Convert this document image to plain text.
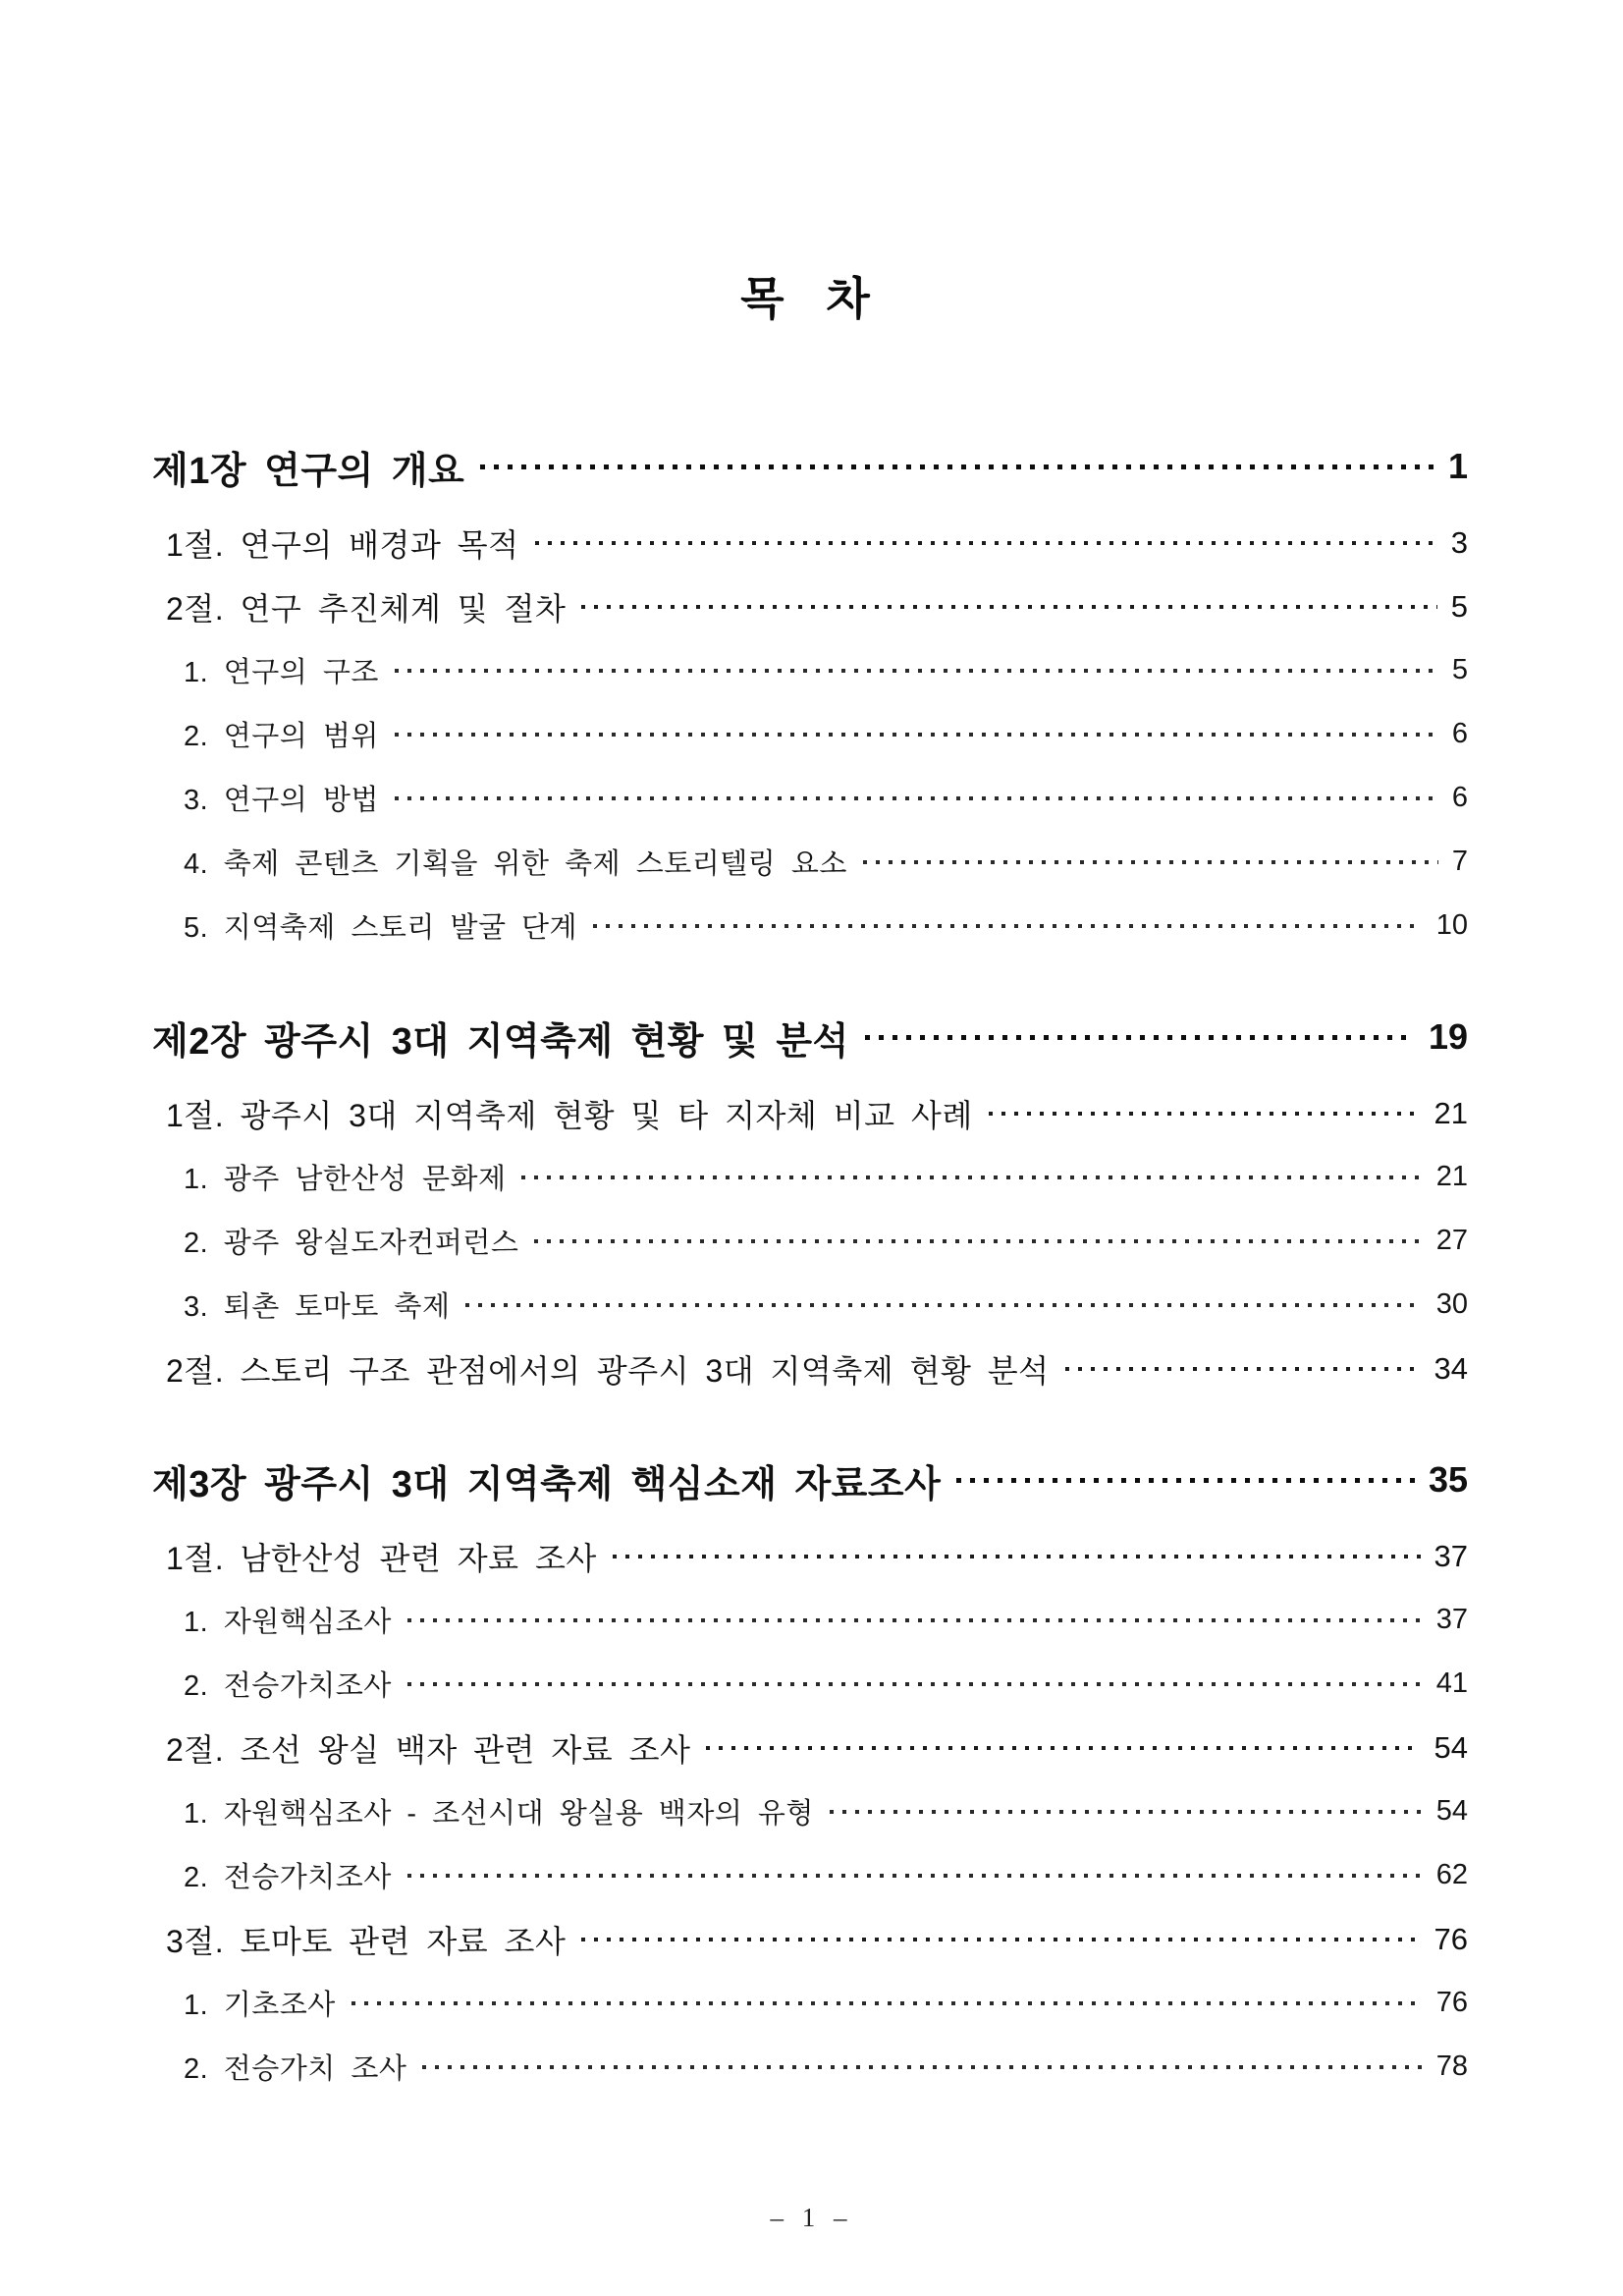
목 차
제1장 연구의 개요	1
1절. 연구의 배경과 목적	3
2절. 연구 추진체계 및 절차	5
1. 연구의 구조	5
2. 연구의 범위	6
3. 연구의 방법	6
4. 축제 콘텐츠 기획을 위한 축제 스토리텔링 요소	7
5. 지역축제 스토리 발굴 단계	10
제2장 광주시 3대 지역축제 현황 및 분석	19
1절. 광주시 3대 지역축제 현황 및 타 지자체 비교 사례	21
1. 광주 남한산성 문화제	21
2. 광주 왕실도자컨퍼런스	27
3. 퇴촌 토마토 축제	30
2절. 스토리 구조 관점에서의 광주시 3대 지역축제 현황 분석	34
제3장 광주시 3대 지역축제 핵심소재 자료조사	35
1절. 남한산성 관련 자료 조사	37
1. 자원핵심조사	37
2. 전승가치조사	41
2절. 조선 왕실 백자 관련 자료 조사	54
1. 자원핵심조사 - 조선시대 왕실용 백자의 유형	54
2. 전승가치조사	62
3절. 토마토 관련 자료 조사	76
1. 기초조사	76
2. 전승가치 조사	78
– 1 –
